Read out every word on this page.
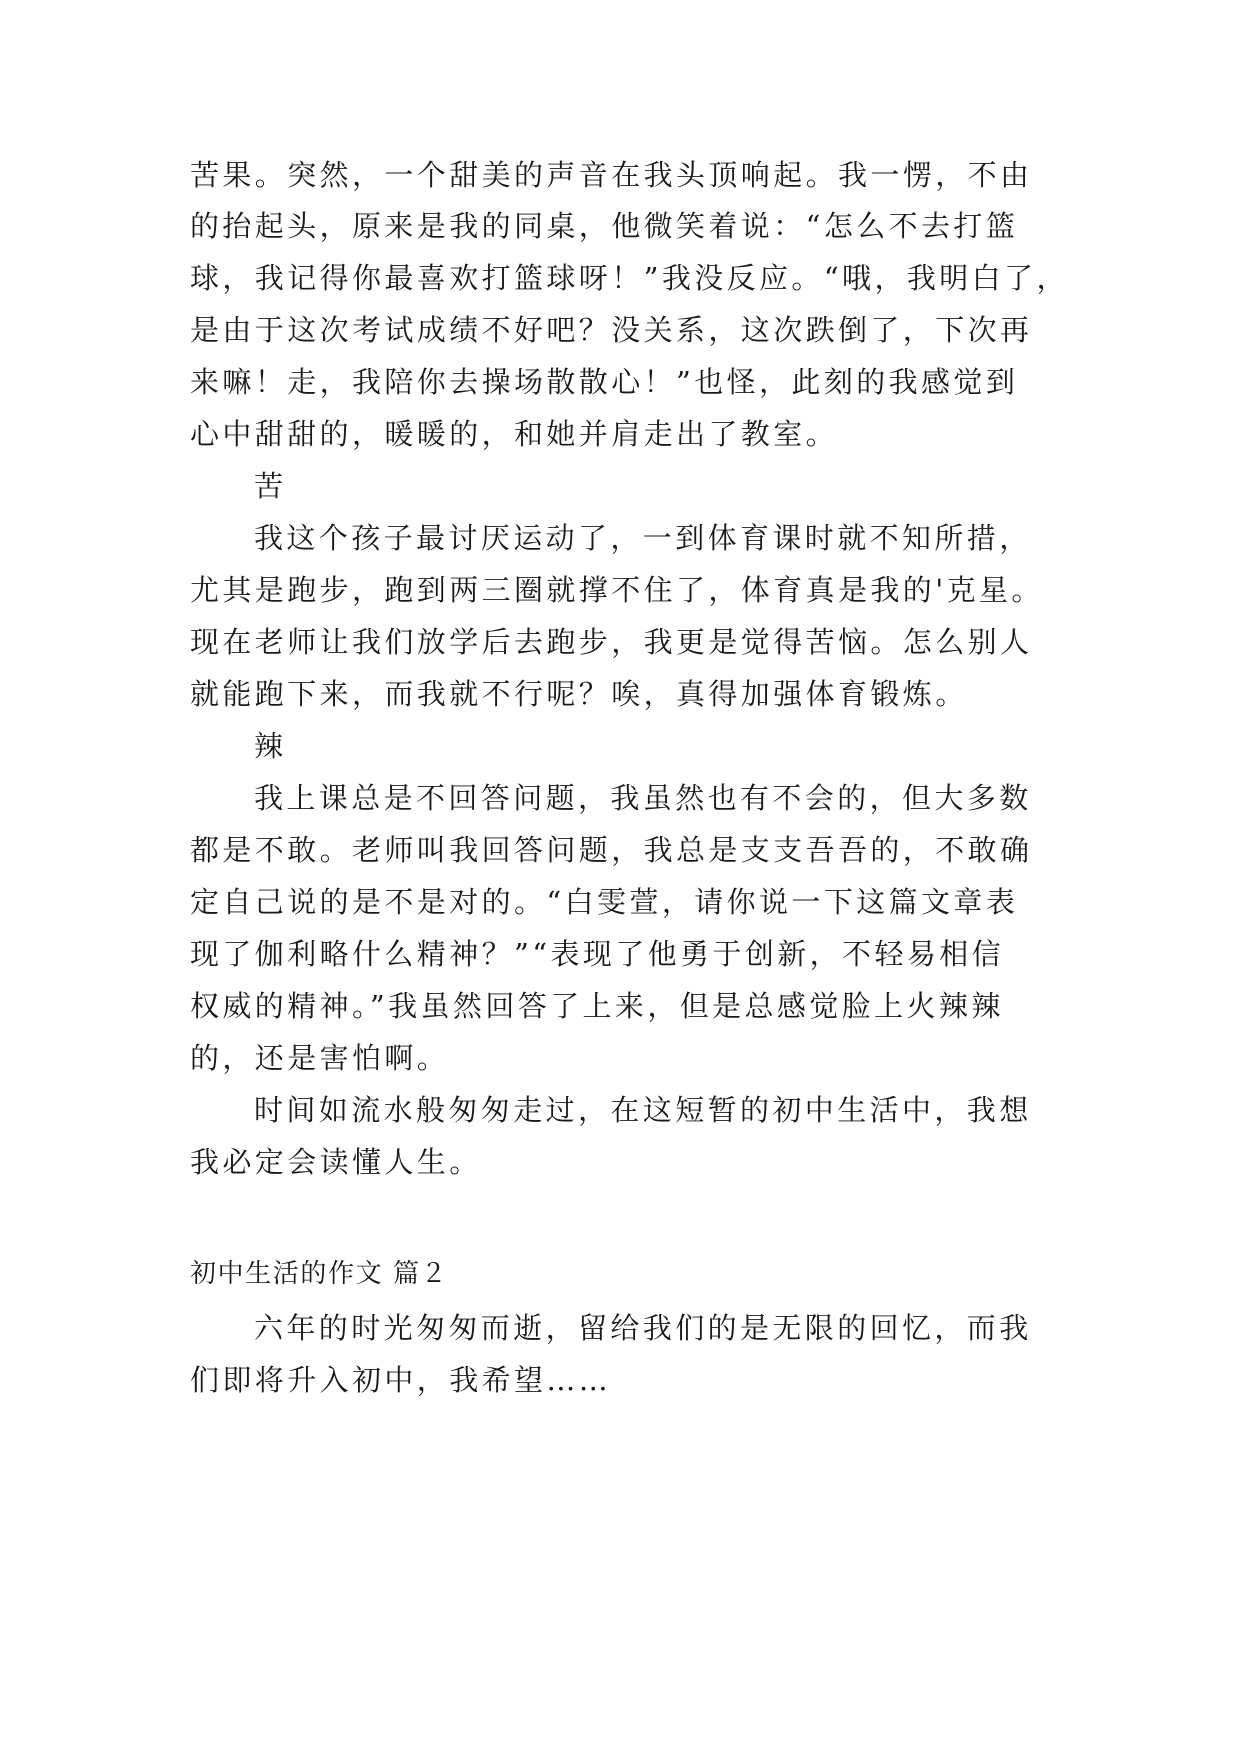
苦果。突然，一个甜美的声音在我头顶响起。我一愣，不由
的抬起头，原来是我的同桌，他微笑着说：“怎么不去打篮
球，我记得你最喜欢打篮球呀！”我没反应。“哦，我明白了，
是由于这次考试成绩不好吧？没关系，这次跌倒了，下次再
来嘛！走，我陪你去操场散散心！”也怪，此刻的我感觉到
心中甜甜的，暖暖的，和她并肩走出了教室。
苦
我这个孩子最讨厌运动了，一到体育课时就不知所措，
尤其是跑步，跑到两三圈就撑不住了，体育真是我的'克星。
现在老师让我们放学后去跑步，我更是觉得苦恼。怎么别人
就能跑下来，而我就不行呢？唉，真得加强体育锻炼。
辣
我上课总是不回答问题，我虽然也有不会的，但大多数
都是不敢。老师叫我回答问题，我总是支支吾吾的，不敢确
定自己说的是不是对的。“白雯萱，请你说一下这篇文章表
现了伽利略什么精神？”“表现了他勇于创新，不轻易相信
权威的精神。”我虽然回答了上来，但是总感觉脸上火辣辣
的，还是害怕啊。
时间如流水般匆匆走过，在这短暂的初中生活中，我想
我必定会读懂人生。
初中生活的作文 篇２
六年的时光匆匆而逝，留给我们的是无限的回忆，而我
们即将升入初中，我希望……
